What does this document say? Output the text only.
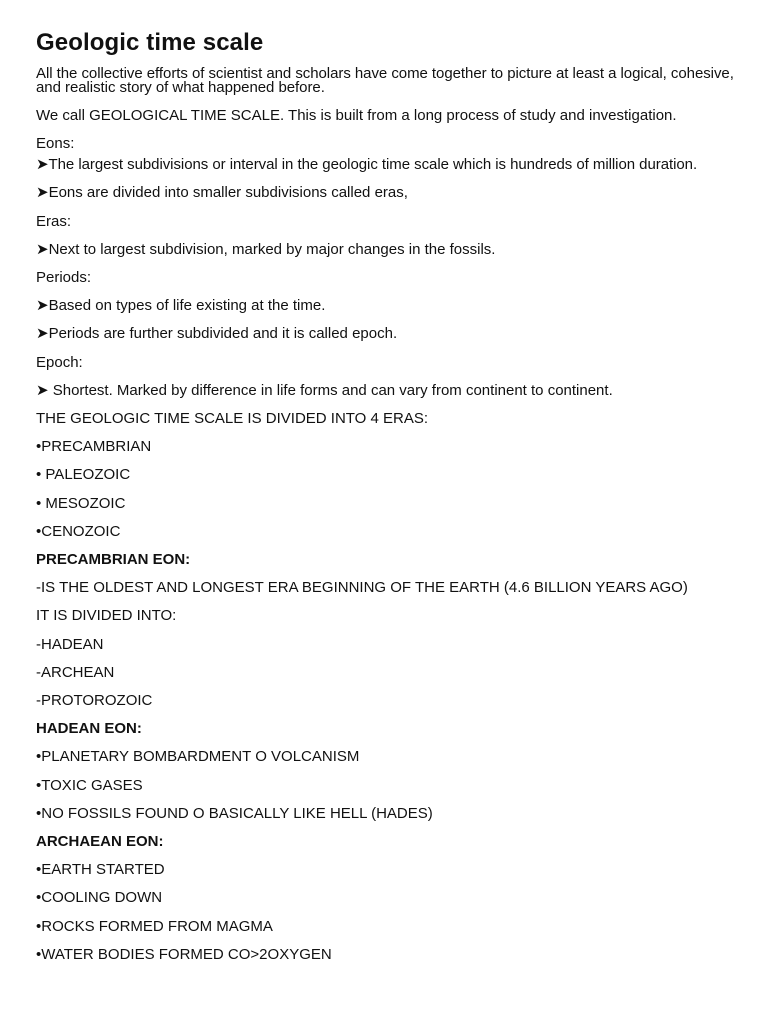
Geologic time scale

All the collective efforts of scientist and scholars have come together to picture at least a logical, cohesive, and realistic story of what happened before.

We call GEOLOGICAL TIME SCALE. This is built from a long process of study and investigation.

Eons:

➤The largest subdivisions or interval in the geologic time scale which is hundreds of million duration.

➤Eons are divided into smaller subdivisions called eras,

Eras:

➤Next to largest subdivision, marked by major changes in the fossils.

Periods:

➤Based on types of life existing at the time.

➤Periods are further subdivided and it is called epoch.

Epoch:

➤ Shortest. Marked by difference in life forms and can vary from continent to continent.

THE GEOLOGIC TIME SCALE IS DIVIDED INTO 4 ERAS:

•PRECAMBRIAN

• PALEOZOIC

• MESOZOIC

•CENOZOIC

PRECAMBRIAN EON:

-IS THE OLDEST AND LONGEST ERA BEGINNING OF THE EARTH (4.6 BILLION YEARS AGO)

IT IS DIVIDED INTO:

-HADEAN

-ARCHEAN

-PROTOROZOIC

HADEAN EON:

•PLANETARY BOMBARDMENT O VOLCANISM

•TOXIC GASES

•NO FOSSILS FOUND O BASICALLY LIKE HELL (HADES)

ARCHAEAN EON:

•EARTH STARTED

•COOLING DOWN

•ROCKS FORMED FROM MAGMA

•WATER BODIES FORMED CO>2OXYGEN
